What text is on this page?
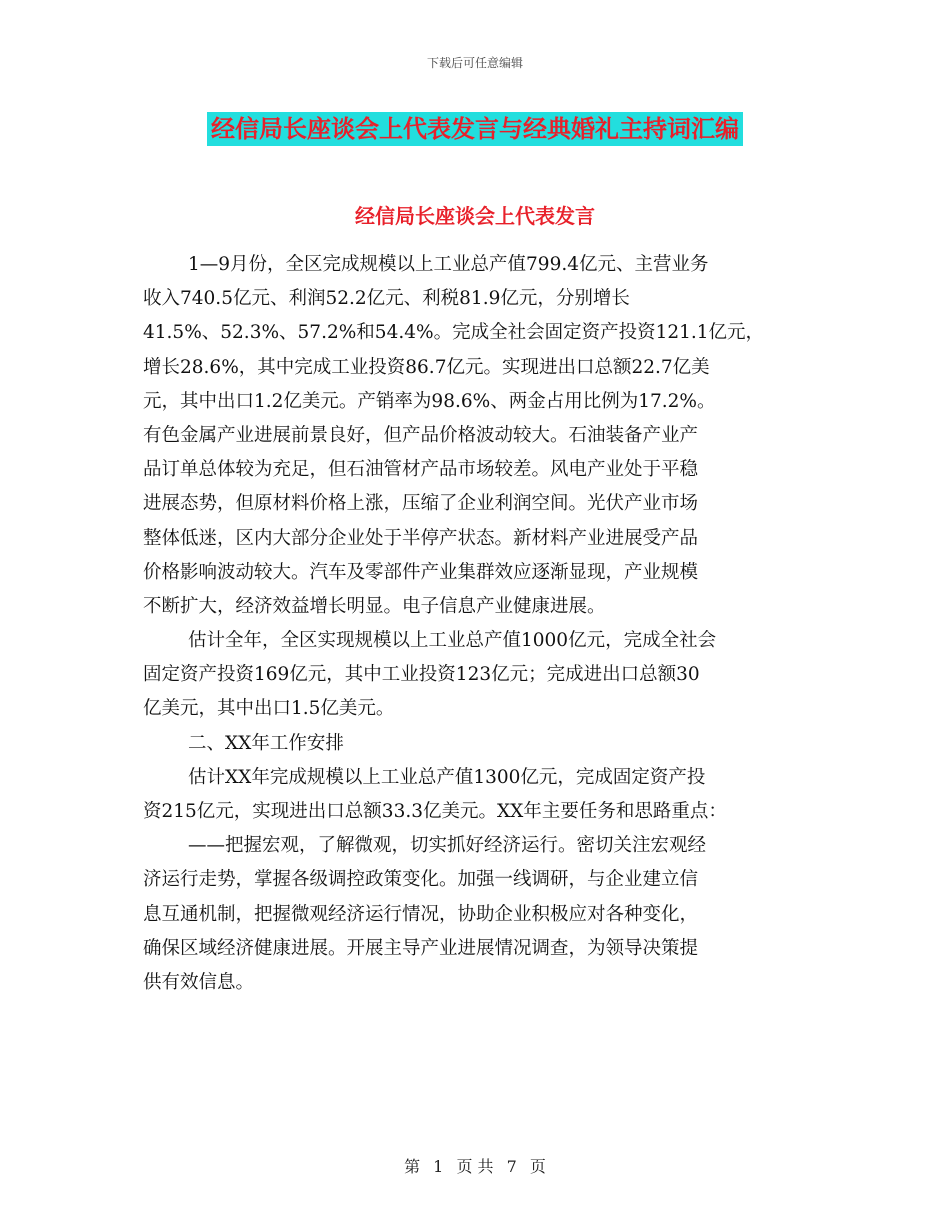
下载后可任意编辑
经信局长座谈会上代表发言与经典婚礼主持词汇编
经信局长座谈会上代表发言
1—9月份，全区完成规模以上工业总产值799.4亿元、主营业务
收入740.5亿元、利润52.2亿元、利税81.9亿元，分别增长
41.5%、52.3%、57.2%和54.4%。完成全社会固定资产投资121.1亿元，
增长28.6%，其中完成工业投资86.7亿元。实现进出口总额22.7亿美
元，其中出口1.2亿美元。产销率为98.6%、两金占用比例为17.2%。
有色金属产业进展前景良好，但产品价格波动较大。石油装备产业产
品订单总体较为充足，但石油管材产品市场较差。风电产业处于平稳
进展态势，但原材料价格上涨，压缩了企业利润空间。光伏产业市场
整体低迷，区内大部分企业处于半停产状态。新材料产业进展受产品
价格影响波动较大。汽车及零部件产业集群效应逐渐显现，产业规模
不断扩大，经济效益增长明显。电子信息产业健康进展。
估计全年，全区实现规模以上工业总产值1000亿元，完成全社会
固定资产投资169亿元，其中工业投资123亿元；完成进出口总额30
亿美元，其中出口1.5亿美元。
二、XX年工作安排
估计XX年完成规模以上工业总产值1300亿元，完成固定资产投
资215亿元，实现进出口总额33.3亿美元。XX年主要任务和思路重点：
——把握宏观，了解微观，切实抓好经济运行。密切关注宏观经
济运行走势，掌握各级调控政策变化。加强一线调研，与企业建立信
息互通机制，把握微观经济运行情况，协助企业积极应对各种变化，
确保区域经济健康进展。开展主导产业进展情况调查，为领导决策提
供有效信息。
第 1 页 共 7 页
